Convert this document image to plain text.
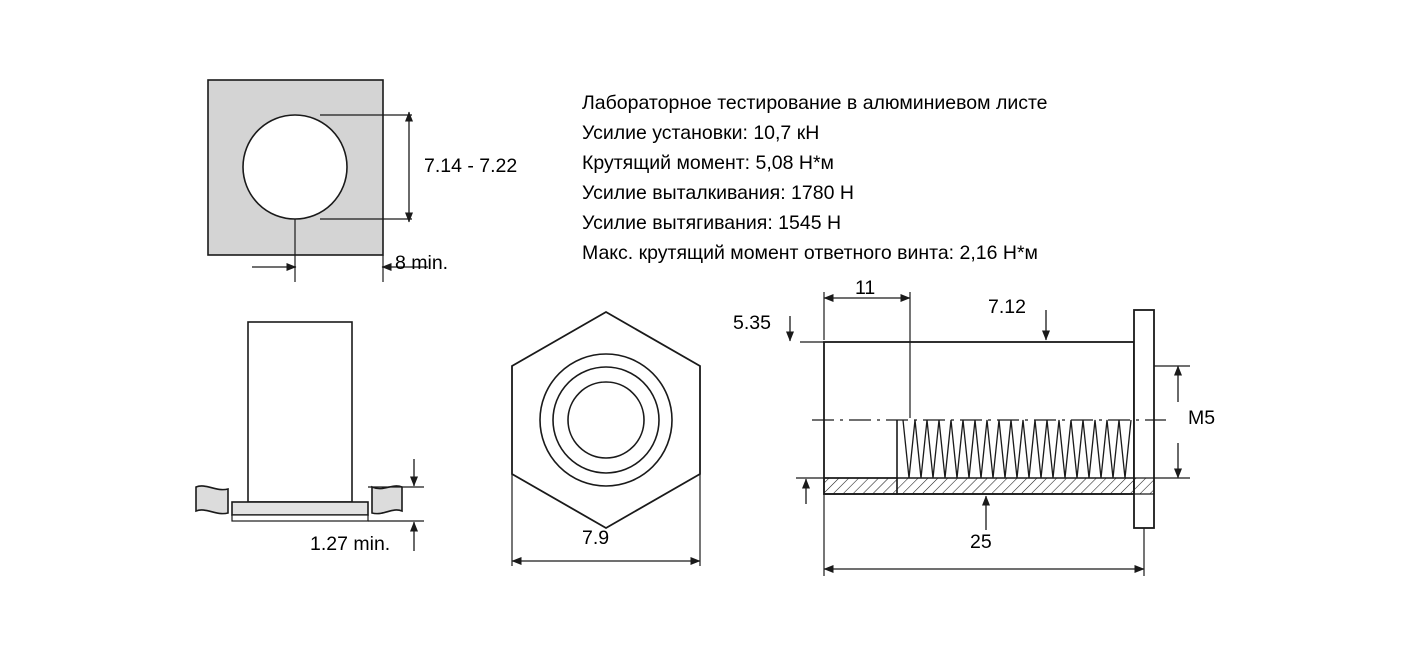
Лабораторное тестирование в алюминиевом листе
Усилие установки: 10,7 кН
Крутящий момент: 5,08 Н*м
Усилие выталкивания: 1780 Н
Усилие вытягивания: 1545 Н
Макс. крутящий момент ответного винта: 2,16 Н*м
7.14 - 7.22
8 min.
1.27 min.	7.9
5.35
11
7.12
M5
25
